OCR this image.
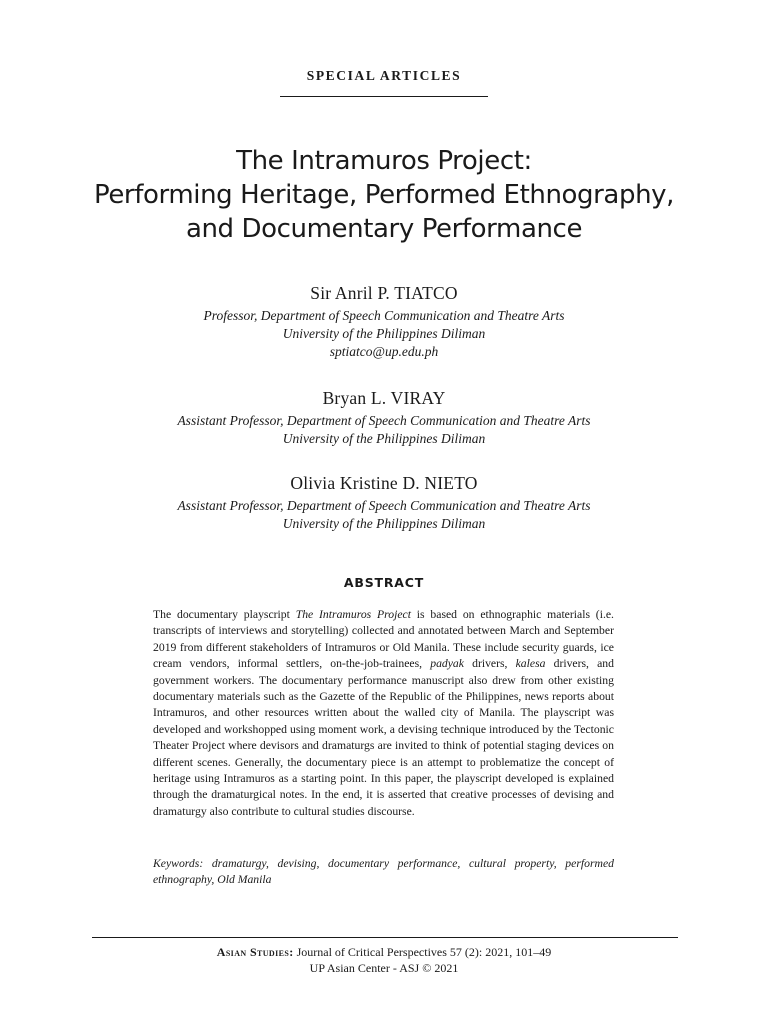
SPECIAL ARTICLES
The Intramuros Project:
Performing Heritage, Performed Ethnography,
and Documentary Performance
Sir Anril P. TIATCO
Professor, Department of Speech Communication and Theatre Arts
University of the Philippines Diliman
sptiatco@up.edu.ph
Bryan L. VIRAY
Assistant Professor, Department of Speech Communication and Theatre Arts
University of the Philippines Diliman
Olivia Kristine D. NIETO
Assistant Professor, Department of Speech Communication and Theatre Arts
University of the Philippines Diliman
ABSTRACT
The documentary playscript The Intramuros Project is based on ethnographic materials (i.e. transcripts of interviews and storytelling) collected and annotated between March and September 2019 from different stakeholders of Intramuros or Old Manila. These include security guards, ice cream vendors, informal settlers, on-the-job-trainees, padyak drivers, kalesa drivers, and government workers. The documentary performance manuscript also drew from other existing documentary materials such as the Gazette of the Republic of the Philippines, news reports about Intramuros, and other resources written about the walled city of Manila. The playscript was developed and workshopped using moment work, a devising technique introduced by the Tectonic Theater Project where devisors and dramaturgs are invited to think of potential staging devices on different scenes. Generally, the documentary piece is an attempt to problematize the concept of heritage using Intramuros as a starting point. In this paper, the playscript developed is explained through the dramaturgical notes. In the end, it is asserted that creative processes of devising and dramaturgy also contribute to cultural studies discourse.
Keywords: dramaturgy, devising, documentary performance, cultural property, performed ethnography, Old Manila
Asian Studies: Journal of Critical Perspectives 57 (2): 2021, 101–49
UP Asian Center - ASJ © 2021
